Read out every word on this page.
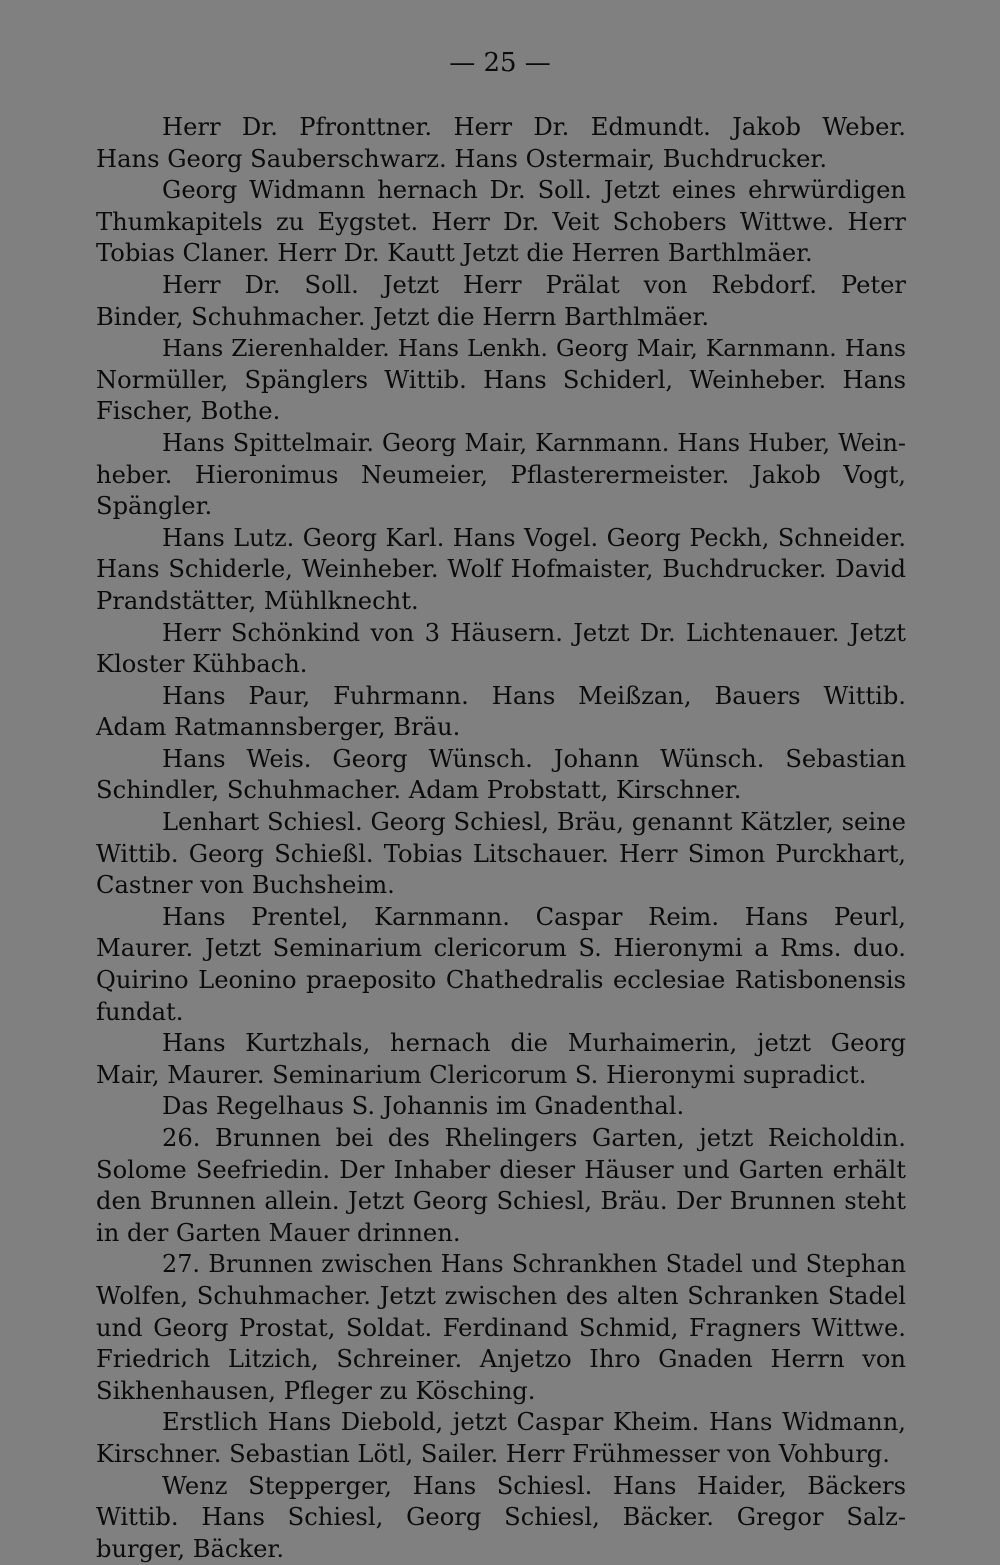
— 25 —
Herr Dr. Pfronttner. Herr Dr. Edmundt. Jakob Weber.
Hans Georg Sauberschwarz. Hans Ostermair, Buchdrucker.
Georg Widmann hernach Dr. Soll. Jetzt eines ehrwürdigen
Thumkapitels zu Eygstet. Herr Dr. Veit Schobers Wittwe. Herr
Tobias Claner. Herr Dr. Kautt Jetzt die Herren Barthlmäer.
Herr Dr. Soll. Jetzt Herr Prälat von Rebdorf. Peter
Binder, Schuhmacher. Jetzt die Herrn Barthlmäer.
Hans Zierenhalder. Hans Lenkh. Georg Mair, Karnmann. Hans
Normüller, Spänglers Wittib. Hans Schiderl, Weinheber. Hans
Fischer, Bothe.
Hans Spittelmair. Georg Mair, Karnmann. Hans Huber, Wein-
heber. Hieronimus Neumeier, Pflasterermeister. Jakob Vogt,
Spängler.
Hans Lutz. Georg Karl. Hans Vogel. Georg Peckh, Schneider.
Hans Schiderle, Weinheber. Wolf Hofmaister, Buchdrucker. David
Prandstätter, Mühlknecht.
Herr Schönkind von 3 Häusern. Jetzt Dr. Lichtenauer. Jetzt
Kloster Kühbach.
Hans Paur, Fuhrmann. Hans Meißzan, Bauers Wittib.
Adam Ratmannsberger, Bräu.
Hans Weis. Georg Wünsch. Johann Wünsch. Sebastian
Schindler, Schuhmacher. Adam Probstatt, Kirschner.
Lenhart Schiesl. Georg Schiesl, Bräu, genannt Kätzler, seine
Wittib. Georg Schießl. Tobias Litschauer. Herr Simon Purckhart,
Castner von Buchsheim.
Hans Prentel, Karnmann. Caspar Reim. Hans Peurl,
Maurer. Jetzt Seminarium clericorum S. Hieronymi a Rms. duo.
Quirino Leonino praeposito Chathedralis ecclesiae Ratisbonensis
fundat.
Hans Kurtzhals, hernach die Murhaimerin, jetzt Georg
Mair, Maurer. Seminarium Clericorum S. Hieronymi supradict.
Das Regelhaus S. Johannis im Gnadenthal.
26. Brunnen bei des Rhelingers Garten, jetzt Reicholdin.
Solome Seefriedin. Der Inhaber dieser Häuser und Garten erhält
den Brunnen allein. Jetzt Georg Schiesl, Bräu. Der Brunnen steht
in der Garten Mauer drinnen.
27. Brunnen zwischen Hans Schrankhen Stadel und Stephan
Wolfen, Schuhmacher. Jetzt zwischen des alten Schranken Stadel
und Georg Prostat, Soldat. Ferdinand Schmid, Fragners Wittwe.
Friedrich Litzich, Schreiner. Anjetzo Ihro Gnaden Herrn von
Sikhenhausen, Pfleger zu Kösching.
Erstlich Hans Diebold, jetzt Caspar Kheim. Hans Widmann,
Kirschner. Sebastian Lötl, Sailer. Herr Frühmesser von Vohburg.
Wenz Stepperger, Hans Schiesl. Hans Haider, Bäckers
Wittib. Hans Schiesl, Georg Schiesl, Bäcker. Gregor Salz-
burger, Bäcker.
